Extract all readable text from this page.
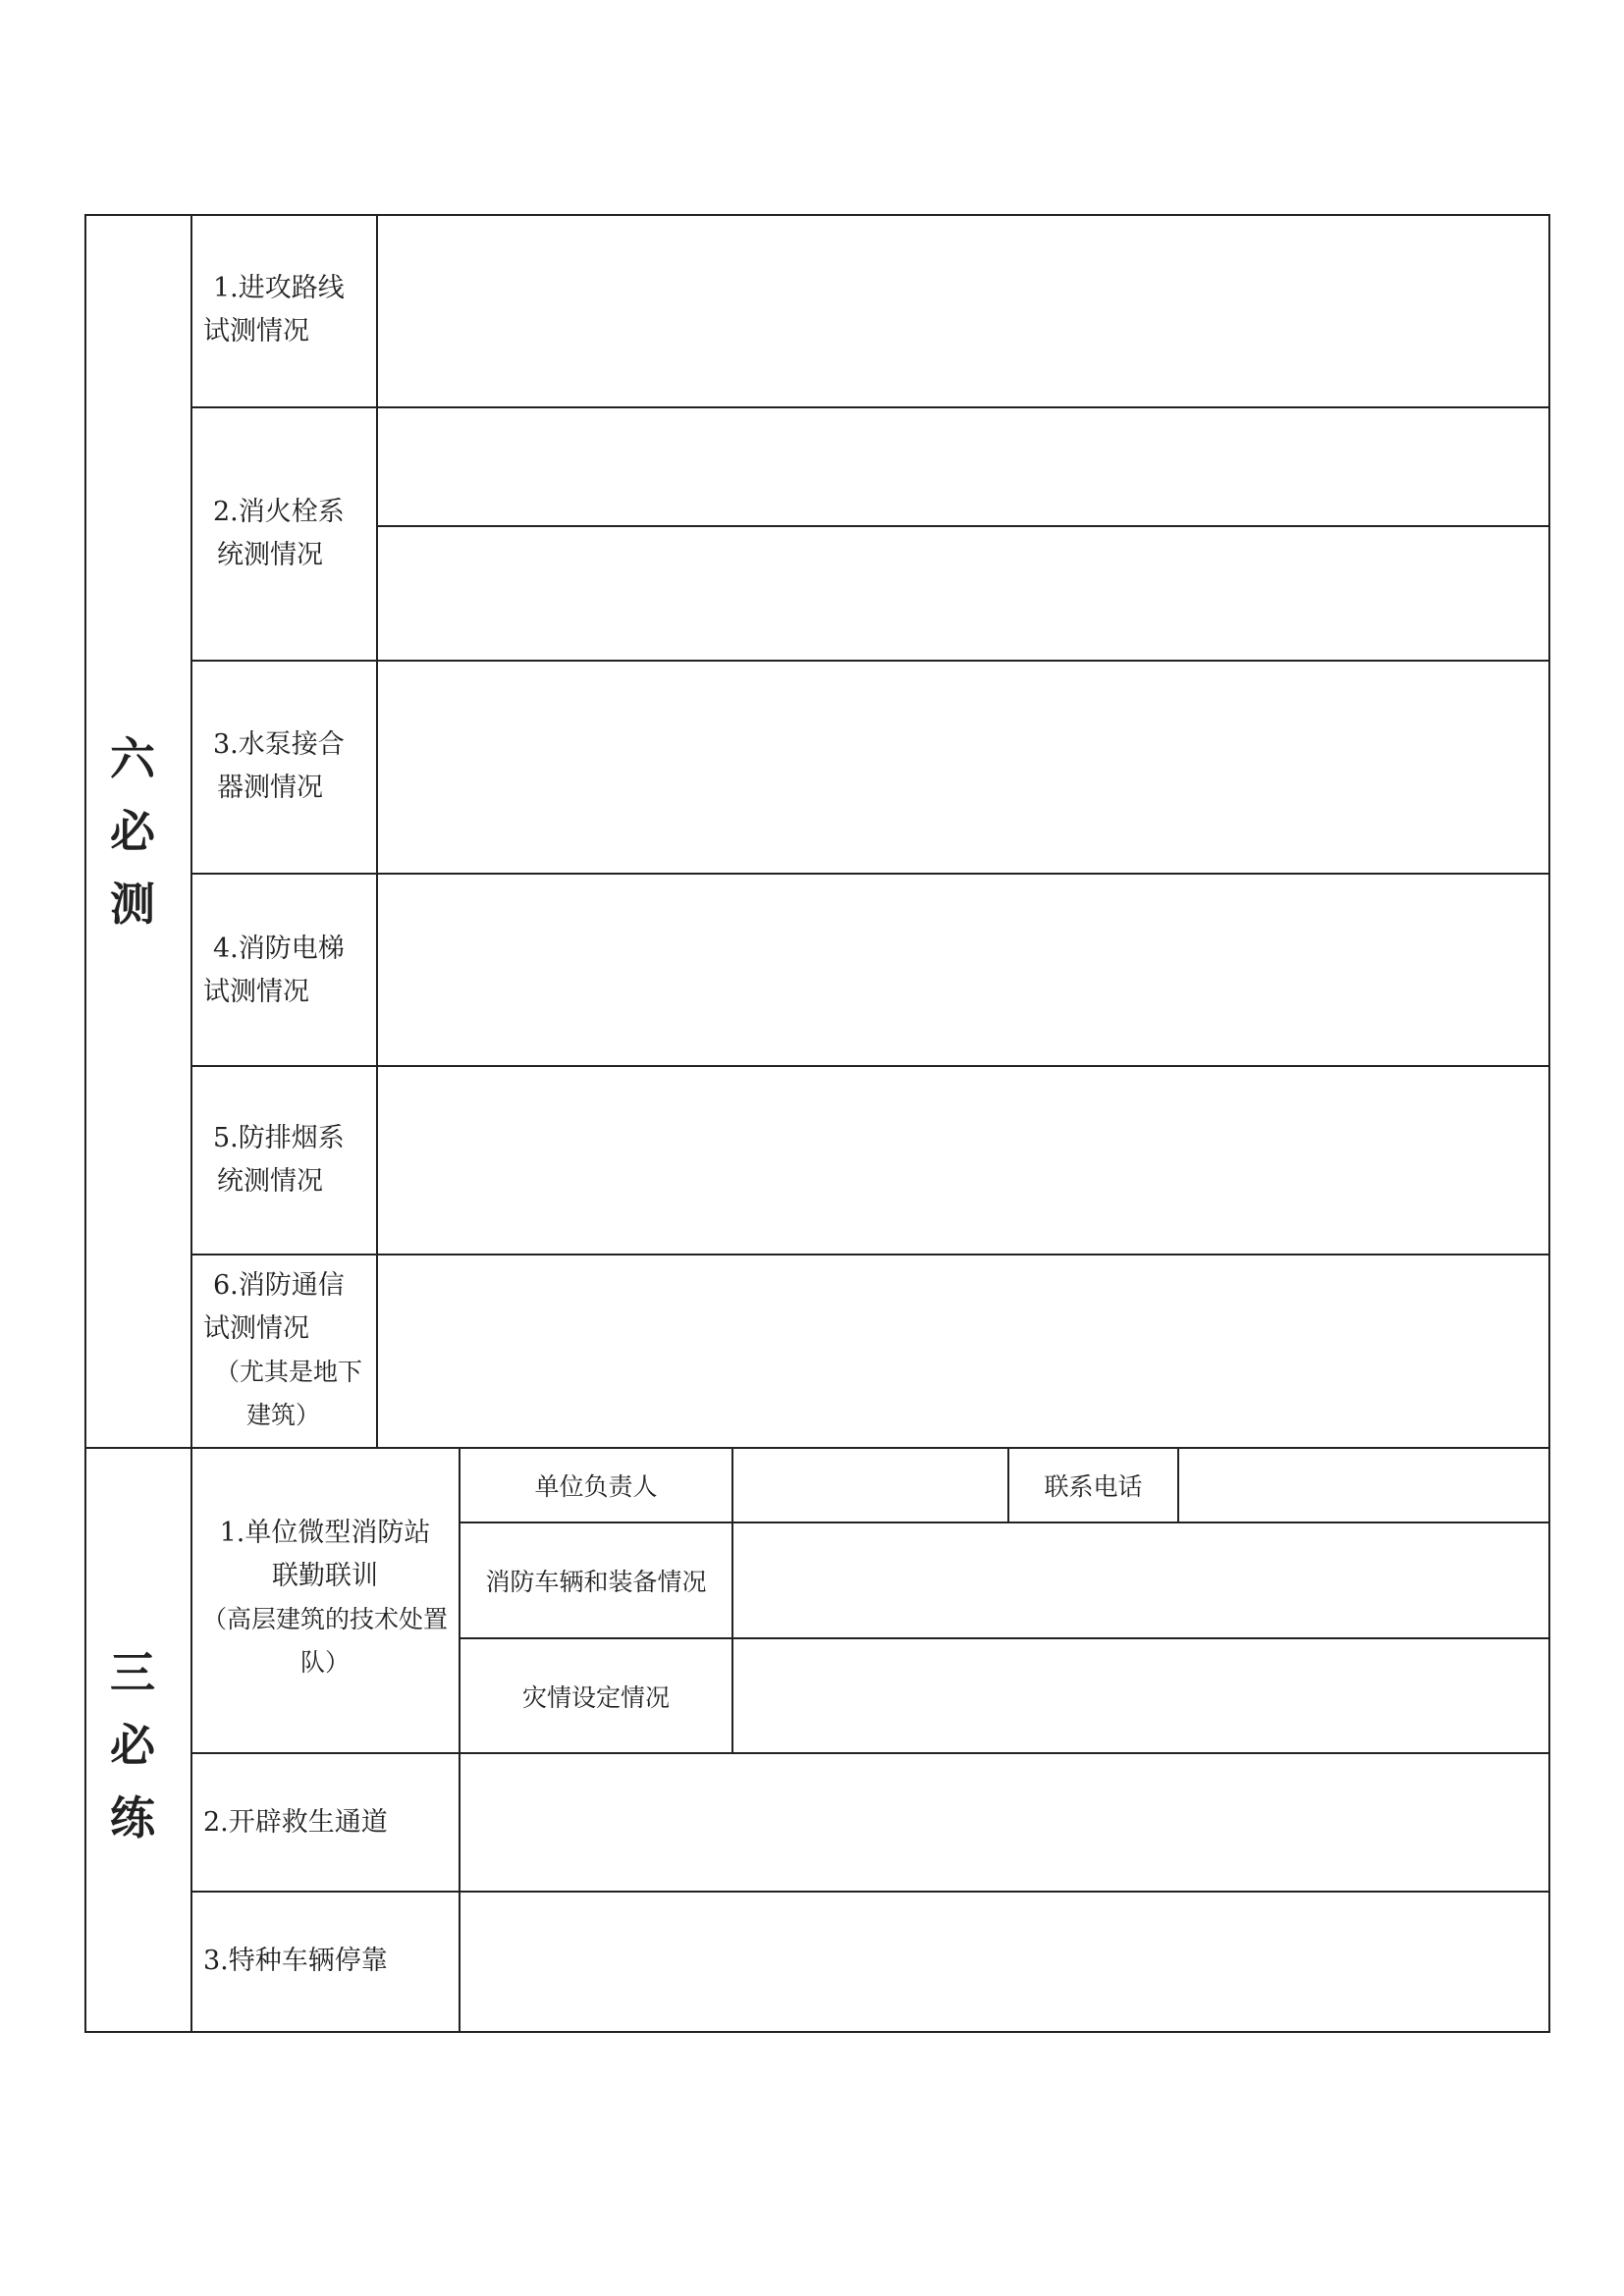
六
必
测
三
必
练
1.进攻路线
试测情况
2.消火栓系
统测情况
3.水泵接合
器测情况
4.消防电梯
试测情况
5.防排烟系
统测情况
6.消防通信
试测情况
（尤其是地下
建筑）
1.单位微型消防站
联勤联训
（高层建筑的技术处置
队）
单位负责人	联系电话
消防车辆和装备情况
灾情设定情况
2.开辟救生通道
3.特种车辆停靠
